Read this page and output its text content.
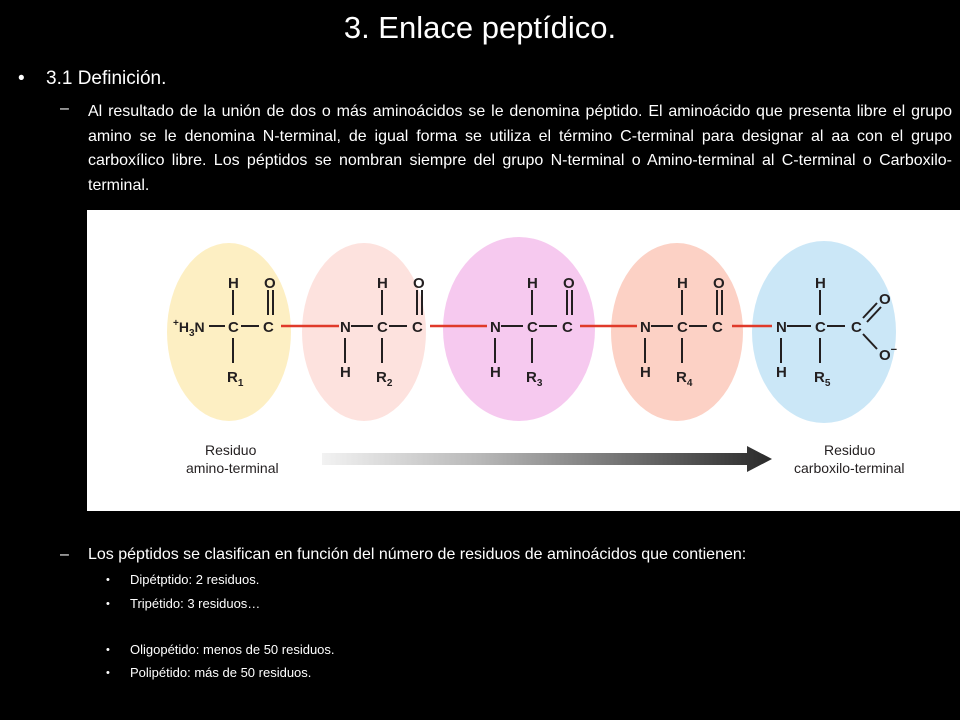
3. Enlace peptídico.
• 3.1 Definición.
– Al resultado de la unión de dos o más aminoácidos se le denomina péptido. El aminoácido que presenta libre el grupo amino se le denomina N-terminal, de igual forma se utiliza el término C-terminal para designar al aa con el grupo carboxílico libre. Los péptidos se nombran siempre del grupo N-terminal o Amino-terminal al C-terminal o Carboxilo-terminal.
$^+H_3N$
H
C C
O
$R_1$
N
H
H
C C
O
$R_2$
N
H
H
C C
O
$R_3$
N
H
H
C C
O
$R_4$
N
H
H
C C
O
O−
$R_5$
Residuo
amino-terminal
Residuo
carboxilo-terminal
– Los péptidos se clasifican en función del número de residuos de aminoácidos que contienen:
• Dipétptido: 2 residuos.
• Tripétido: 3 residuos…
• Oligopétido: menos de 50 residuos.
• Polipétido: más de 50 residuos.
